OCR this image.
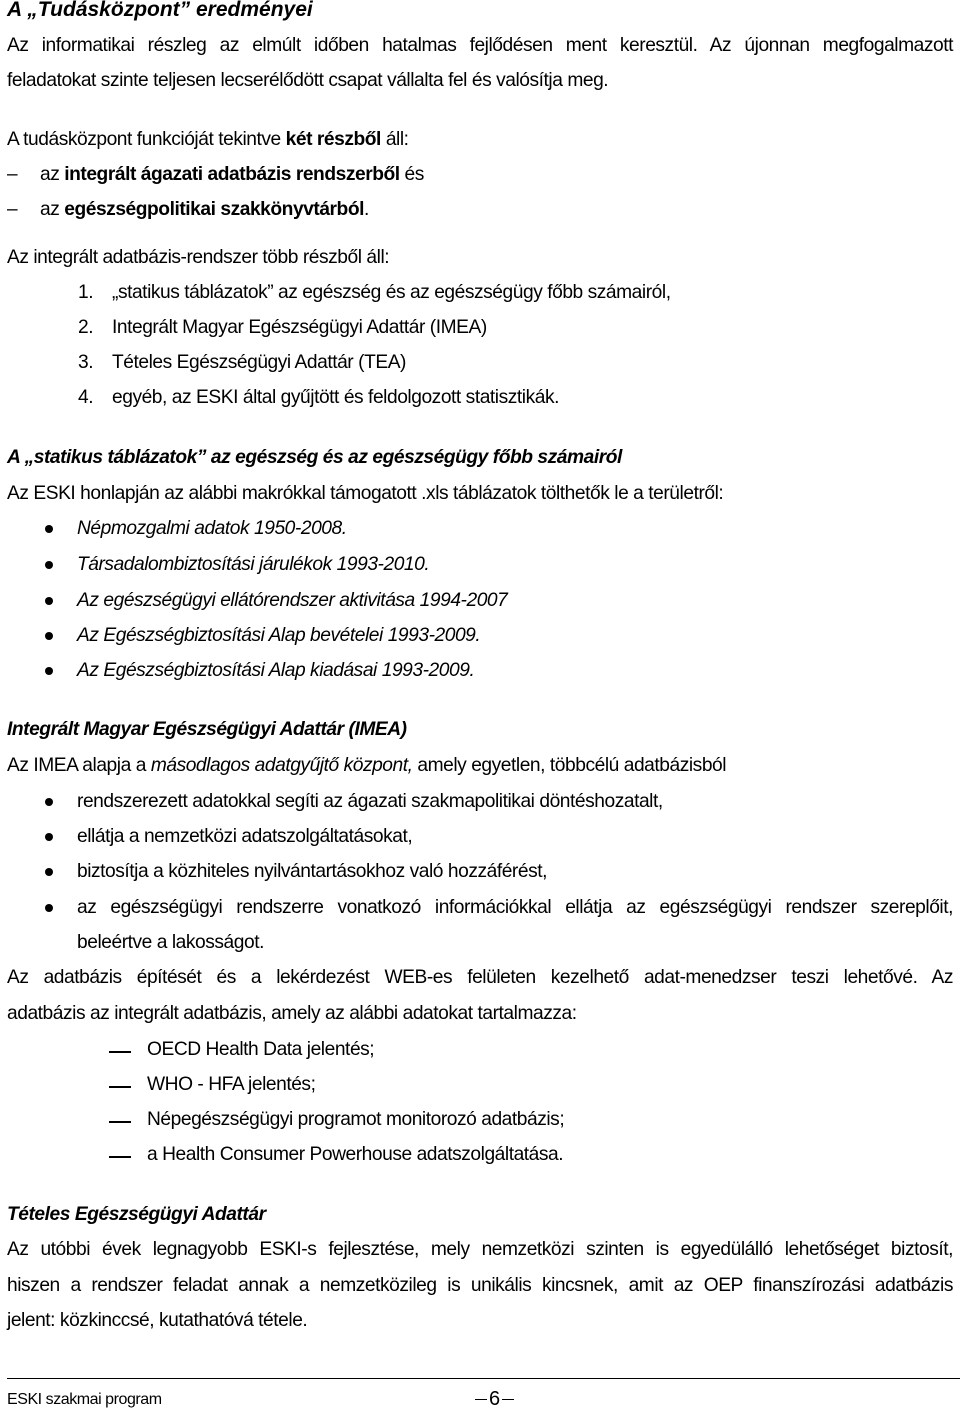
A „Tudásközpont” eredményei
Az informatikai részleg az elmúlt időben hatalmas fejlődésen ment keresztül. Az újonnan megfogalmazott
feladatokat szinte teljesen lecserélődött csapat vállalta fel és valósítja meg.
A tudásközpont funkcióját tekintve két részből áll:
– az integrált ágazati adatbázis rendszerből és
– az egészségpolitikai szakkönyvtárból.
Az integrált adatbázis-rendszer több részből áll:
1. „statikus táblázatok” az egészség és az egészségügy főbb számairól,
2. Integrált Magyar Egészségügyi Adattár (IMEA)
3. Tételes Egészségügyi Adattár (TEA)
4. egyéb, az ESKI által gyűjtött és feldolgozott statisztikák.
A „statikus táblázatok” az egészség és az egészségügy főbb számairól
Az ESKI honlapján az alábbi makrókkal támogatott .xls táblázatok tölthetők le a területről:
Népmozgalmi adatok 1950-2008.
Társadalombiztosítási járulékok 1993-2010.
Az egészségügyi ellátórendszer aktivitása 1994-2007
Az Egészségbiztosítási Alap bevételei 1993-2009.
Az Egészségbiztosítási Alap kiadásai 1993-2009.
Integrált Magyar Egészségügyi Adattár (IMEA)
Az IMEA alapja a másodlagos adatgyűjtő központ, amely egyetlen, többcélú adatbázisból
rendszerezett adatokkal segíti az ágazati szakmapolitikai döntéshozatalt,
ellátja a nemzetközi adatszolgáltatásokat,
biztosítja a közhiteles nyilvántartásokhoz való hozzáférést,
az egészségügyi rendszerre vonatkozó információkkal ellátja az egészségügyi rendszer szereplőit,
beleértve a lakosságot.
Az adatbázis építését és a lekérdezést WEB-es felületen kezelhető adat-menedzser teszi lehetővé. Az
adatbázis az integrált adatbázis, amely az alábbi adatokat tartalmazza:
OECD Health Data jelentés;
WHO - HFA jelentés;
Népegészségügyi programot monitorozó adatbázis;
a Health Consumer Powerhouse adatszolgáltatása.
Tételes Egészségügyi Adattár
Az utóbbi évek legnagyobb ESKI-s fejlesztése, mely nemzetközi szinten is egyedülálló lehetőséget biztosít,
hiszen a rendszer feladat annak a nemzetközileg is unikális kincsnek, amit az OEP finanszírozási adatbázis
jelent: közkinccsé, kutathatóvá tétele.
ESKI szakmai program	6
